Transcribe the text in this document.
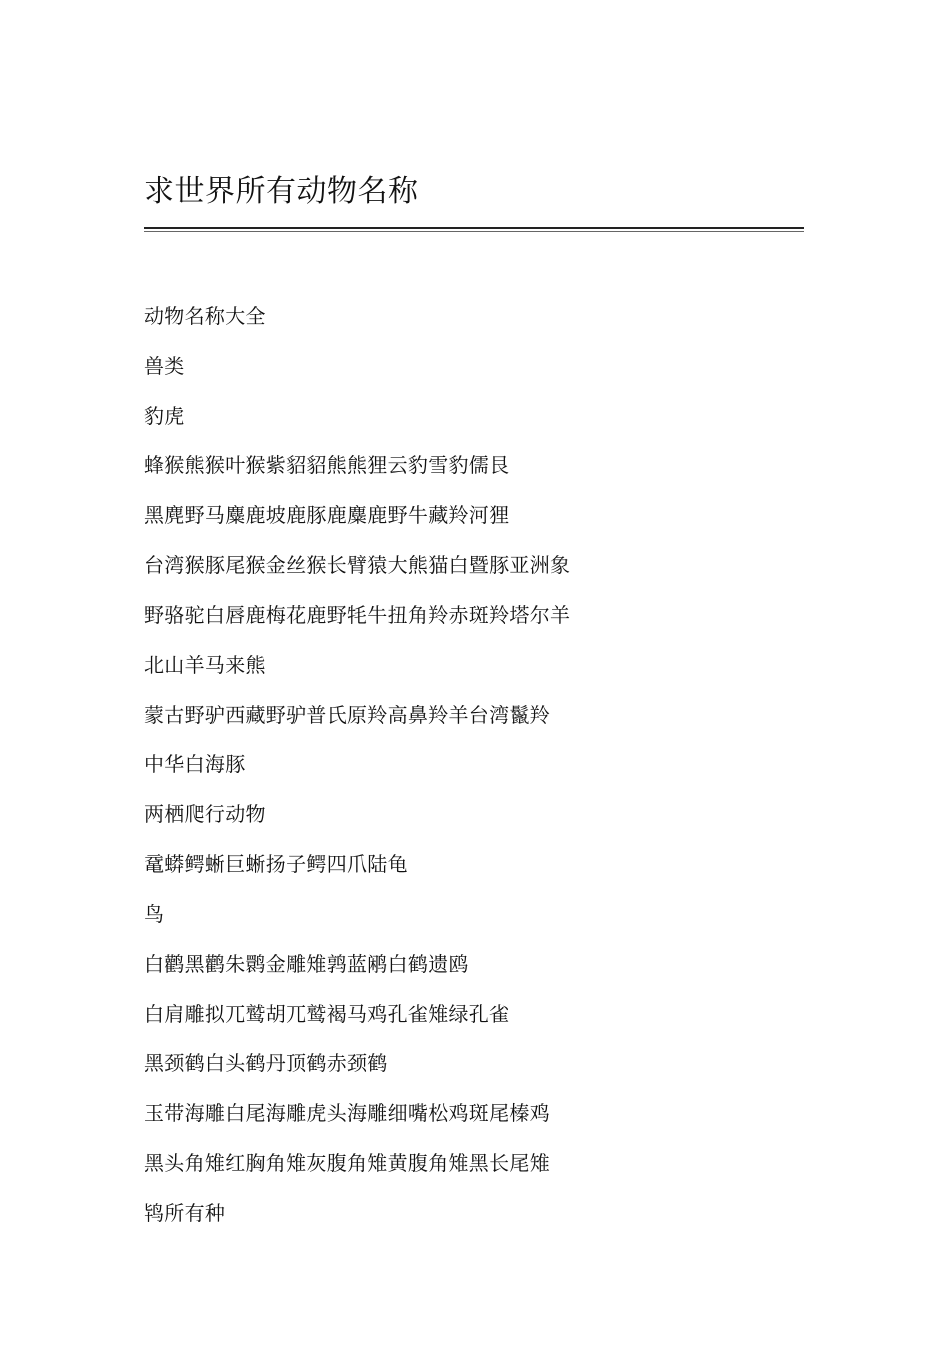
求世界所有动物名称
动物名称大全
兽类
豹虎
蜂猴熊猴叶猴紫貂貂熊熊狸云豹雪豹儒艮
黑麂野马麋鹿坡鹿豚鹿麋鹿野牛藏羚河狸
台湾猴豚尾猴金丝猴长臂猿大熊猫白暨豚亚洲象
野骆驼白唇鹿梅花鹿野牦牛扭角羚赤斑羚塔尔羊
北山羊马来熊
蒙古野驴西藏野驴普氏原羚高鼻羚羊台湾鬣羚
中华白海豚
两栖爬行动物
鼋蟒鳄蜥巨蜥扬子鳄四爪陆龟
鸟
白鹳黑鹳朱鹮金雕雉鹑蓝鹇白鹤遗鸥
白肩雕拟兀鹫胡兀鹫褐马鸡孔雀雉绿孔雀
黑颈鹤白头鹤丹顶鹤赤颈鹤
玉带海雕白尾海雕虎头海雕细嘴松鸡斑尾榛鸡
黑头角雉红胸角雉灰腹角雉黄腹角雉黑长尾雉
鸨所有种
